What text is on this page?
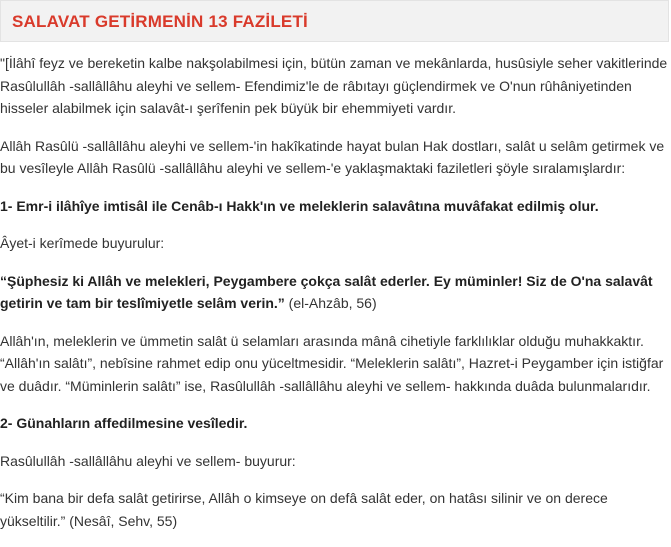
SALAVAT GETİRMENİN 13 FAZİLETİ

"[İlâhî feyz ve bereketin kalbe nakşolabilmesi için, bütün zaman ve mekânlarda, husûsiyle seher vakitlerinde Rasûlullâh -sallâllâhu aleyhi ve sellem- Efendimiz'le de râbıtayı güçlendirmek ve O'nun rûhâniyetinden hisseler alabilmek için salavât-ı şerîfenin pek büyük bir ehemmiyeti vardır.

Allâh Rasûlü -sallâllâhu aleyhi ve sellem-'in hakîkatinde hayat bulan Hak dostları, salât u selâm getirmek ve bu vesîleyle Allâh Rasûlü -sallâllâhu aleyhi ve sellem-'e yaklaşmaktaki faziletleri şöyle sıralamışlardır:

1- Emr-i ilâhîye imtisâl ile Cenâb-ı Hakk'ın ve meleklerin salavâtına muvâfakat edilmiş olur.

Âyet-i kerîmede buyurulur:

“Şüphesiz ki Allâh ve melekleri, Peygambere çokça salât ederler. Ey müminler! Siz de O'na salavât getirin ve tam bir teslîmiyetle selâm verin.” (el-Ahzâb, 56)

Allâh'ın, meleklerin ve ümmetin salât ü selamları arasında mânâ cihetiyle farklılıklar olduğu muhakkaktır. “Allâh'ın salâtı”, nebîsine rahmet edip onu yüceltmesidir. “Meleklerin salâtı”, Hazret-i Peygamber için istiğfar ve duâdır. “Müminlerin salâtı” ise, Rasûlullâh -sallâllâhu aleyhi ve sellem- hakkında duâda bulunmalarıdır.

2- Günahların affedilmesine vesîledir.

Rasûlullâh -sallâllâhu aleyhi ve sellem- buyurur:

“Kim bana bir defa salât getirirse, Allâh o kimseye on defâ salât eder, on hatâsı silinir ve on derece yükseltilir.” (Nesâî, Sehv, 55)
